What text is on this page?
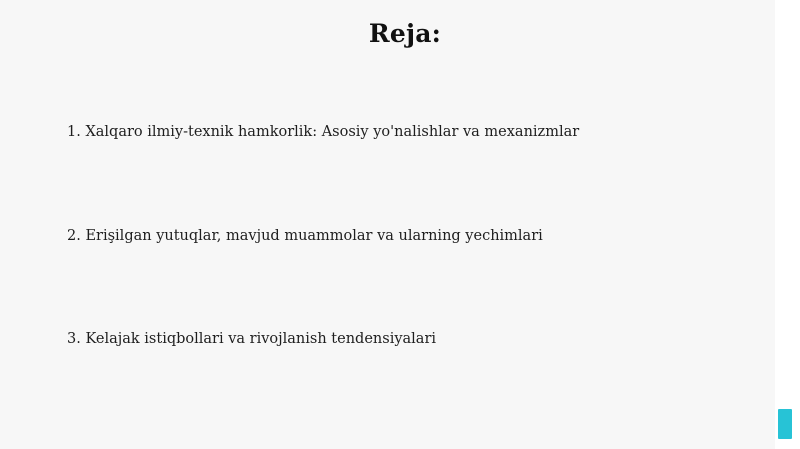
Reja:
1. Xalqaro ilmiy-texnik hamkorlik: Asosiy yo'nalishlar va mexanizmlar
2. Erişilgan yutuqlar, mavjud muammolar va ularning yechimlari
3. Kelajak istiqbollari va rivojlanish tendensiyalari
